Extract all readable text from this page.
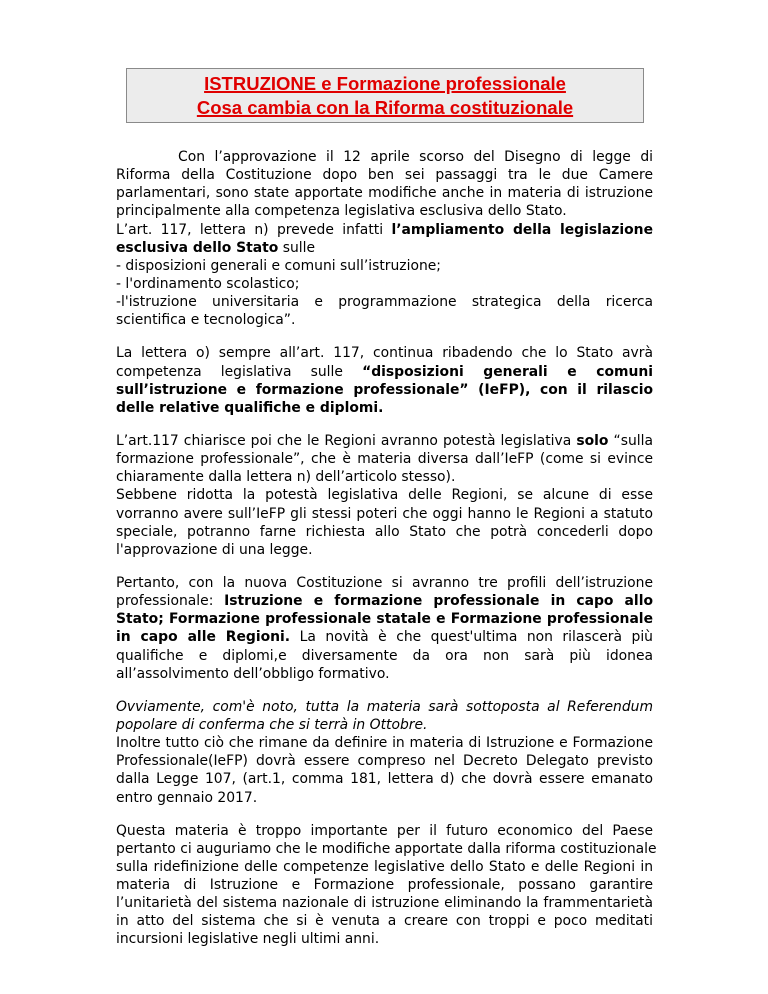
ISTRUZIONE e Formazione professionale
Cosa cambia con la Riforma costituzionale
Con l’approvazione il 12 aprile scorso del Disegno di legge di
Riforma della Costituzione dopo ben sei passaggi tra le due Camere
parlamentari, sono state apportate modifiche anche in materia di istruzione
principalmente alla competenza legislativa esclusiva dello Stato.
L’art. 117, lettera n) prevede infatti l’ampliamento della legislazione
esclusiva dello Stato sulle
- disposizioni generali e comuni sull’istruzione;
- l'ordinamento scolastico;
-l'istruzione universitaria e programmazione strategica della ricerca
scientifica e tecnologica”.
La lettera o) sempre all’art. 117, continua ribadendo che lo Stato avrà
competenza legislativa sulle “disposizioni generali e comuni
sull’istruzione e formazione professionale” (IeFP), con il rilascio
delle relative qualifiche e diplomi.
L’art.117 chiarisce poi che le Regioni avranno potestà legislativa solo “sulla
formazione professionale”, che è materia diversa dall’IeFP (come si evince
chiaramente dalla lettera n) dell’articolo stesso).
Sebbene ridotta la potestà legislativa delle Regioni, se alcune di esse
vorranno avere sull’IeFP gli stessi poteri che oggi hanno le Regioni a statuto
speciale, potranno farne richiesta allo Stato che potrà concederli dopo
l'approvazione di una legge.
Pertanto, con la nuova Costituzione si avranno tre profili dell’istruzione
professionale: Istruzione e formazione professionale in capo allo
Stato; Formazione professionale statale e Formazione professionale
in capo alle Regioni. La novità è che quest'ultima non rilascerà più
qualifiche e diplomi,e diversamente da ora non sarà più idonea
all’assolvimento dell’obbligo formativo.
Ovviamente, com'è noto, tutta la materia sarà sottoposta al Referendum
popolare di conferma che si terrà in Ottobre.
Inoltre tutto ciò che rimane da definire in materia di Istruzione e Formazione
Professionale(IeFP) dovrà essere compreso nel Decreto Delegato previsto
dalla Legge 107, (art.1, comma 181, lettera d) che dovrà essere emanato
entro gennaio 2017.
Questa materia è troppo importante per il futuro economico del Paese
pertanto ci auguriamo che le modifiche apportate dalla riforma costituzionale
sulla ridefinizione delle competenze legislative dello Stato e delle Regioni in
materia di Istruzione e Formazione professionale, possano garantire
l’unitarietà del sistema nazionale di istruzione eliminando la frammentarietà
in atto del sistema che si è venuta a creare con troppi e poco meditati
incursioni legislative negli ultimi anni.
